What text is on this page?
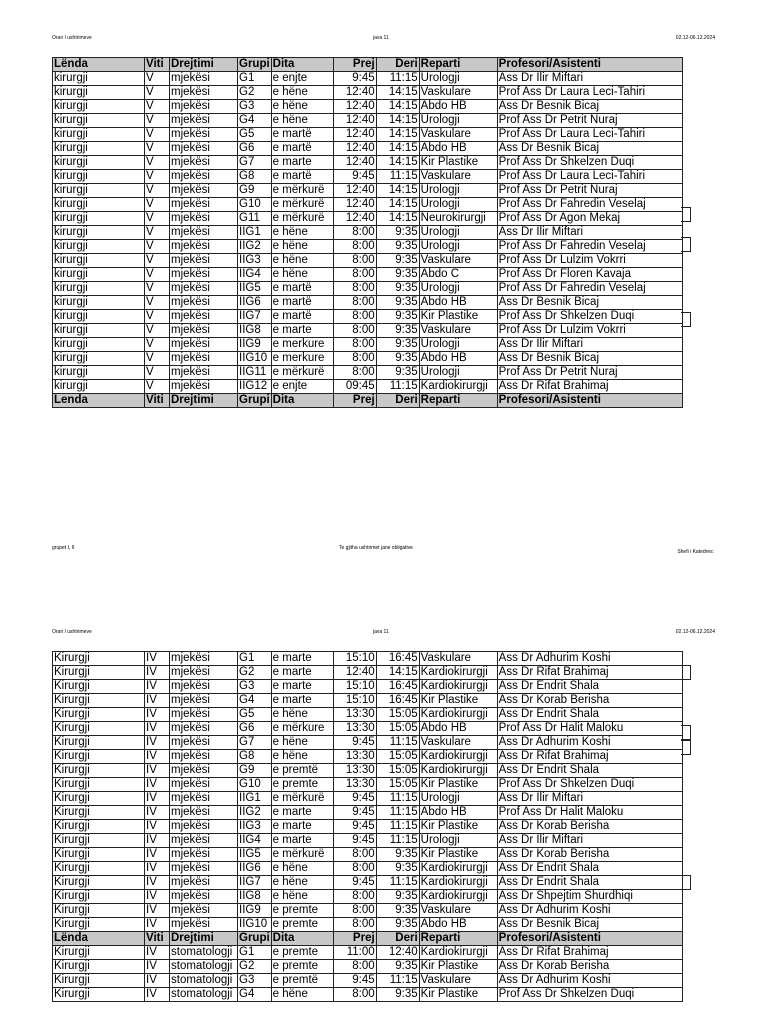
Orari I ushtrimeve	java 11	02.12-06.12.2024
Lënda	Viti	Drejtimi	Grupi	Dita	Prej	Deri	Reparti	Profesori/Asistenti
kirurgji	V	mjekësi	G1	e enjte	9:45	11:15	Urologji	Ass Dr Ilir Miftari
kirurgji	V	mjekësi	G2	e hëne	12:40	14:15	Vaskulare	Prof Ass Dr Laura Leci-Tahiri
kirurgji	V	mjekësi	G3	e hëne	12:40	14:15	Abdo HB	Ass Dr Besnik Bicaj
kirurgji	V	mjekësi	G4	e hëne	12:40	14:15	Urologji	Prof Ass Dr Petrit Nuraj
kirurgji	V	mjekësi	G5	e martë	12:40	14:15	Vaskulare	Prof Ass Dr Laura Leci-Tahiri
kirurgji	V	mjekësi	G6	e martë	12:40	14:15	Abdo HB	Ass Dr Besnik Bicaj
kirurgji	V	mjekësi	G7	e marte	12:40	14:15	Kir Plastike	Prof Ass Dr Shkelzen Duqi
kirurgji	V	mjekësi	G8	e martë	9:45	11:15	Vaskulare	Prof Ass Dr Laura Leci-Tahiri
kirurgji	V	mjekësi	G9	e mërkurë	12:40	14:15	Urologji	Prof Ass Dr Petrit Nuraj
kirurgji	V	mjekësi	G10	e mërkurë	12:40	14:15	Urologji	Prof Ass Dr Fahredin Veselaj
kirurgji	V	mjekësi	G11	e mërkurë	12:40	14:15	Neurokirurgji	Prof Ass Dr Agon Mekaj
kirurgji	V	mjekësi	IIG1	e hëne	8:00	9:35	Urologji	Ass Dr Ilir Miftari
kirurgji	V	mjekësi	IIG2	e hëne	8:00	9:35	Urologji	Prof Ass Dr Fahredin Veselaj
kirurgji	V	mjekësi	IIG3	e hëne	8:00	9:35	Vaskulare	Prof Ass Dr Lulzim Vokrri
kirurgji	V	mjekësi	IIG4	e hëne	8:00	9:35	Abdo C	Prof Ass Dr Floren Kavaja
kirurgji	V	mjekësi	IIG5	e martë	8:00	9:35	Urologji	Prof Ass Dr Fahredin Veselaj
kirurgji	V	mjekësi	IIG6	e martë	8:00	9:35	Abdo HB	Ass Dr Besnik Bicaj
kirurgji	V	mjekësi	IIG7	e martë	8:00	9:35	Kir Plastike	Prof Ass Dr Shkelzen Duqi
kirurgji	V	mjekësi	IIG8	e marte	8:00	9:35	Vaskulare	Prof Ass Dr Lulzim Vokrri
kirurgji	V	mjekësi	IIG9	e merkure	8:00	9:35	Urologji	Ass Dr Ilir Miftari
kirurgji	V	mjekësi	IIG10	e merkure	8:00	9:35	Abdo HB	Ass Dr Besnik Bicaj
kirurgji	V	mjekësi	IIG11	e mërkurë	8:00	9:35	Urologji	Prof Ass Dr Petrit Nuraj
kirurgji	V	mjekësi	IIG12	e enjte	09:45	11:15	Kardiokirurgji	Ass Dr Rifat Brahimaj
Lenda	Viti	Drejtimi	Grupi	Dita	Prej	Deri	Reparti	Profesori/Asistenti
grupet I, II	Te gjitha ushtrimet jane obligative
Shefi i Katedres:
Orari I ushtrimeve	java 11	02.12-06.12.2024
Kirurgji	IV	mjekësi	G1	e marte	15:10	16:45	Vaskulare	Ass Dr Adhurim Koshi
Kirurgji	IV	mjekësi	G2	e marte	12:40	14:15	Kardiokirurgji	Ass Dr Rifat Brahimaj
Kirurgji	IV	mjekësi	G3	e marte	15:10	16:45	Kardiokirurgji	Ass Dr Endrit Shala
Kirurgji	IV	mjekësi	G4	e marte	15:10	16:45	Kir Plastike	Ass Dr Korab Berisha
Kirurgji	IV	mjekësi	G5	e hëne	13:30	15:05	Kardiokirurgji	Ass Dr Endrit Shala
Kirurgji	IV	mjekësi	G6	e mërkure	13:30	15:05	Abdo HB	Prof Ass Dr Halit Maloku
Kirurgji	IV	mjekësi	G7	e hëne	9:45	11:15	Vaskulare	Ass Dr Adhurim Koshi
Kirurgji	IV	mjekësi	G8	e hëne	13:30	15:05	Kardiokirurgji	Ass Dr Rifat Brahimaj
Kirurgji	IV	mjekësi	G9	e premtë	13:30	15:05	Kardiokirurgji	Ass Dr Endrit Shala
Kirurgji	IV	mjekësi	G10	e premte	13:30	15:05	Kir Plastike	Prof Ass Dr Shkelzen Duqi
Kirurgji	IV	mjekësi	IIG1	e mërkurë	9:45	11:15	Urologji	Ass Dr Ilir Miftari
Kirurgji	IV	mjekësi	IIG2	e marte	9:45	11:15	Abdo HB	Prof Ass Dr Halit Maloku
Kirurgji	IV	mjekësi	IIG3	e marte	9:45	11:15	Kir Plastike	Ass Dr Korab Berisha
Kirurgji	IV	mjekësi	IIG4	e marte	9:45	11:15	Urologji	Ass Dr Ilir Miftari
Kirurgji	IV	mjekësi	IIG5	e mërkurë	8:00	9:35	Kir Plastike	Ass Dr Korab Berisha
Kirurgji	IV	mjekësi	IIG6	e hëne	8:00	9:35	Kardiokirurgji	Ass Dr Endrit Shala
Kirurgji	IV	mjekësi	IIG7	e hëne	9:45	11:15	Kardiokirurgji	Ass Dr Endrit Shala
Kirurgji	IV	mjekësi	IIG8	e hëne	8:00	9:35	Kardiokirurgji	Ass Dr Shpejtim Shurdhiqi
Kirurgji	IV	mjekësi	IIG9	e premte	8:00	9:35	Vaskulare	Ass Dr Adhurim Koshi
Kirurgji	IV	mjekësi	IIG10	e premte	8:00	9:35	Abdo HB	Ass Dr Besnik Bicaj
Lënda	Viti	Drejtimi	Grupi	Dita	Prej	Deri	Reparti	Profesori/Asistenti
Kirurgji	IV	stomatologji	G1	e premte	11:00	12:40	Kardiokirurgji	Ass Dr Rifat Brahimaj
Kirurgji	IV	stomatologji	G2	e premte	8:00	9:35	Kir Plastike	Ass Dr Korab Berisha
Kirurgji	IV	stomatologji	G3	e premtë	9:45	11:15	Vaskulare	Ass Dr Adhurim Koshi
Kirurgji	IV	stomatologji	G4	e hëne	8:00	9:35	Kir Plastike	Prof Ass Dr Shkelzen Duqi
